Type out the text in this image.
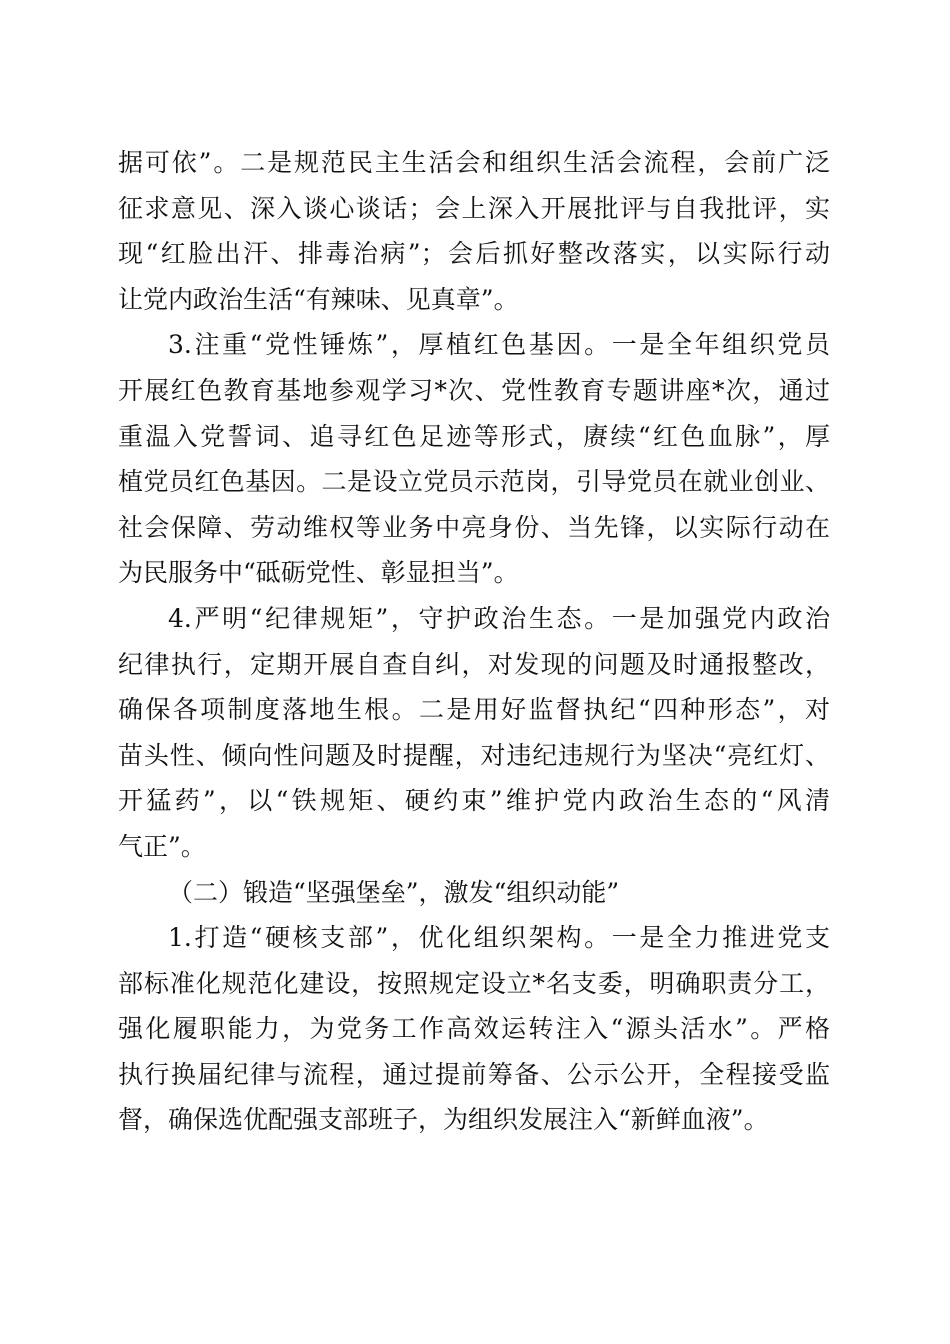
据可依”。二是规范民主生活会和组织生活会流程，会前广泛
征求意见、深入谈心谈话；会上深入开展批评与自我批评，实
现“红脸出汗、排毒治病”；会后抓好整改落实，以实际行动
让党内政治生活“有辣味、见真章”。
3.注重“党性锤炼”，厚植红色基因。一是全年组织党员
开展红色教育基地参观学习*次、党性教育专题讲座*次，通过
重温入党誓词、追寻红色足迹等形式，赓续“红色血脉”，厚
植党员红色基因。二是设立党员示范岗，引导党员在就业创业、
社会保障、劳动维权等业务中亮身份、当先锋，以实际行动在
为民服务中“砥砺党性、彰显担当”。
4.严明“纪律规矩”，守护政治生态。一是加强党内政治
纪律执行，定期开展自查自纠，对发现的问题及时通报整改，
确保各项制度落地生根。二是用好监督执纪“四种形态”，对
苗头性、倾向性问题及时提醒，对违纪违规行为坚决“亮红灯、
开猛药”，以“铁规矩、硬约束”维护党内政治生态的“风清
气正”。
（二）锻造“坚强堡垒”，激发“组织动能”
1.打造“硬核支部”，优化组织架构。一是全力推进党支
部标准化规范化建设，按照规定设立*名支委，明确职责分工，
强化履职能力，为党务工作高效运转注入“源头活水”。严格
执行换届纪律与流程，通过提前筹备、公示公开，全程接受监
督，确保选优配强支部班子，为组织发展注入“新鲜血液”。
